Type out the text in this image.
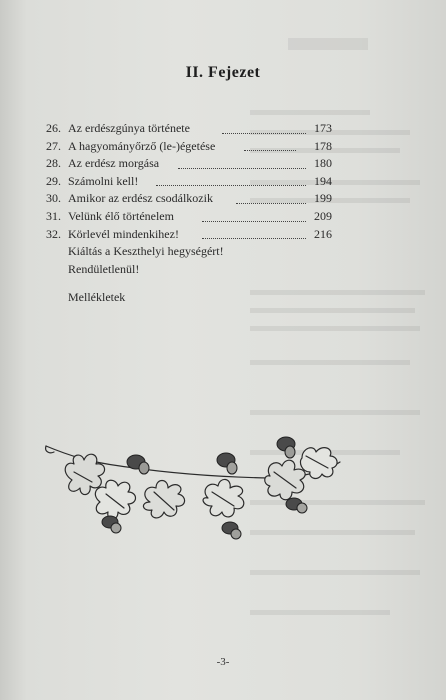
II. Fejezet
26. Az erdészgúnya története	173
27. A hagyományőrző (le-)égetése	178
28. Az erdész morgása	180
29. Számolni kell!	194
30. Amikor az erdész csodálkozik	199
31. Velünk élő történelem	209
32. Körlevél mindenkihez!	216
Kiáltás a Keszthelyi hegységért!
Rendületlenül!
Mellékletek
-3-
